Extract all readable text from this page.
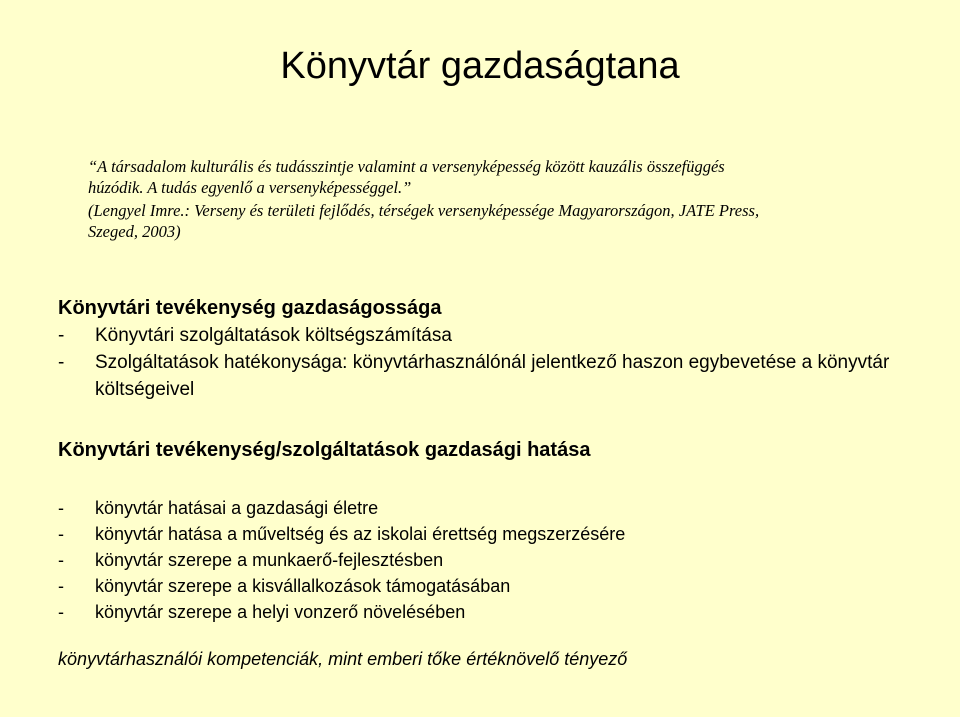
Könyvtár gazdaságtana
“A társadalom kulturális és tudásszintje valamint a versenyképesség között kauzális összefüggés
húzódik. A tudás egyenlő a versenyképességgel.”
(Lengyel Imre.: Verseny és területi fejlődés, térségek versenyképessége Magyarországon, JATE Press,
Szeged, 2003)
Könyvtári tevékenység gazdaságossága
-	Könyvtári szolgáltatások költségszámítása
-	Szolgáltatások hatékonysága: könyvtárhasználónál jelentkező haszon egybevetése a könyvtár költségeivel
Könyvtári tevékenység/szolgáltatások gazdasági hatása
-	könyvtár hatásai a gazdasági életre
-	könyvtár hatása a műveltség és az iskolai érettség megszerzésére
-	könyvtár szerepe a munkaerő-fejlesztésben
-	könyvtár szerepe a kisvállalkozások támogatásában
-	könyvtár szerepe a helyi vonzerő növelésében
könyvtárhasználói kompetenciák, mint emberi tőke értéknövelő tényező
